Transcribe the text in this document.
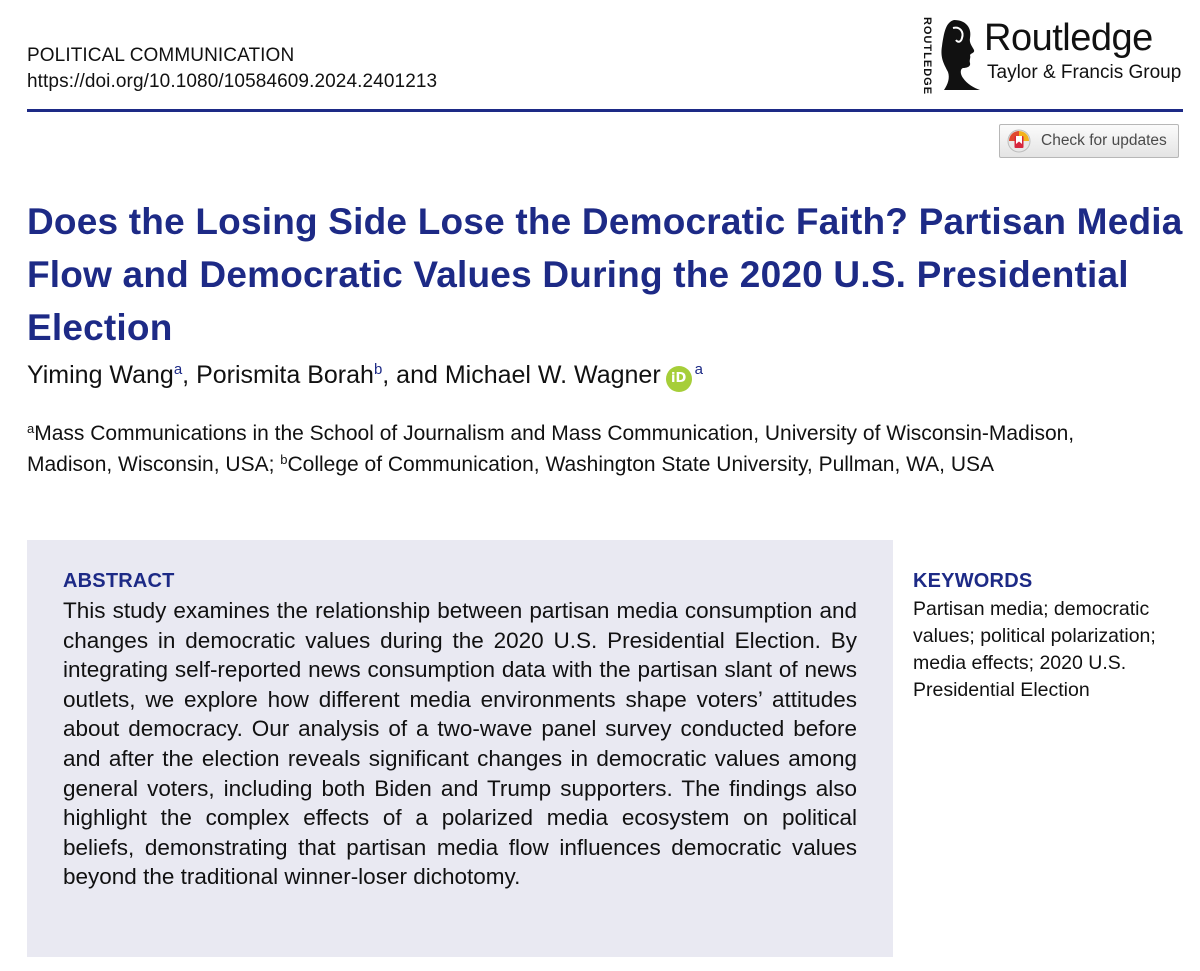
POLITICAL COMMUNICATION
https://doi.org/10.1080/10584609.2024.2401213	ROUTLEDGE Routledge
Taylor & Francis Group
Check for updates
Does the Losing Side Lose the Democratic Faith? Partisan Media Flow and Democratic Values During the 2020 U.S. Presidential Election
Yiming Wang$^a$, Porismita Borah$^b$, and Michael W. Wagner $iD^a$
$^a$Mass Communications in the School of Journalism and Mass Communication, University of Wisconsin-Madison, Madison, Wisconsin, USA; $^b$College of Communication, Washington State University, Pullman, WA, USA
ABSTRACT
This study examines the relationship between partisan media consumption and changes in democratic values during the 2020 U.S. Presidential Election. By integrating self-reported news consumption data with the partisan slant of news outlets, we explore how different media environments shape voters’ attitudes about democracy. Our analysis of a two-wave panel survey conducted before and after the election reveals significant changes in democratic values among general voters, including both Biden and Trump supporters. The findings also highlight the complex effects of a polarized media ecosystem on political beliefs, demonstrating that partisan media flow influences democratic values beyond the traditional winner-loser dichotomy.
KEYWORDS
Partisan media; democratic values; political polarization; media effects; 2020 U.S. Presidential Election
